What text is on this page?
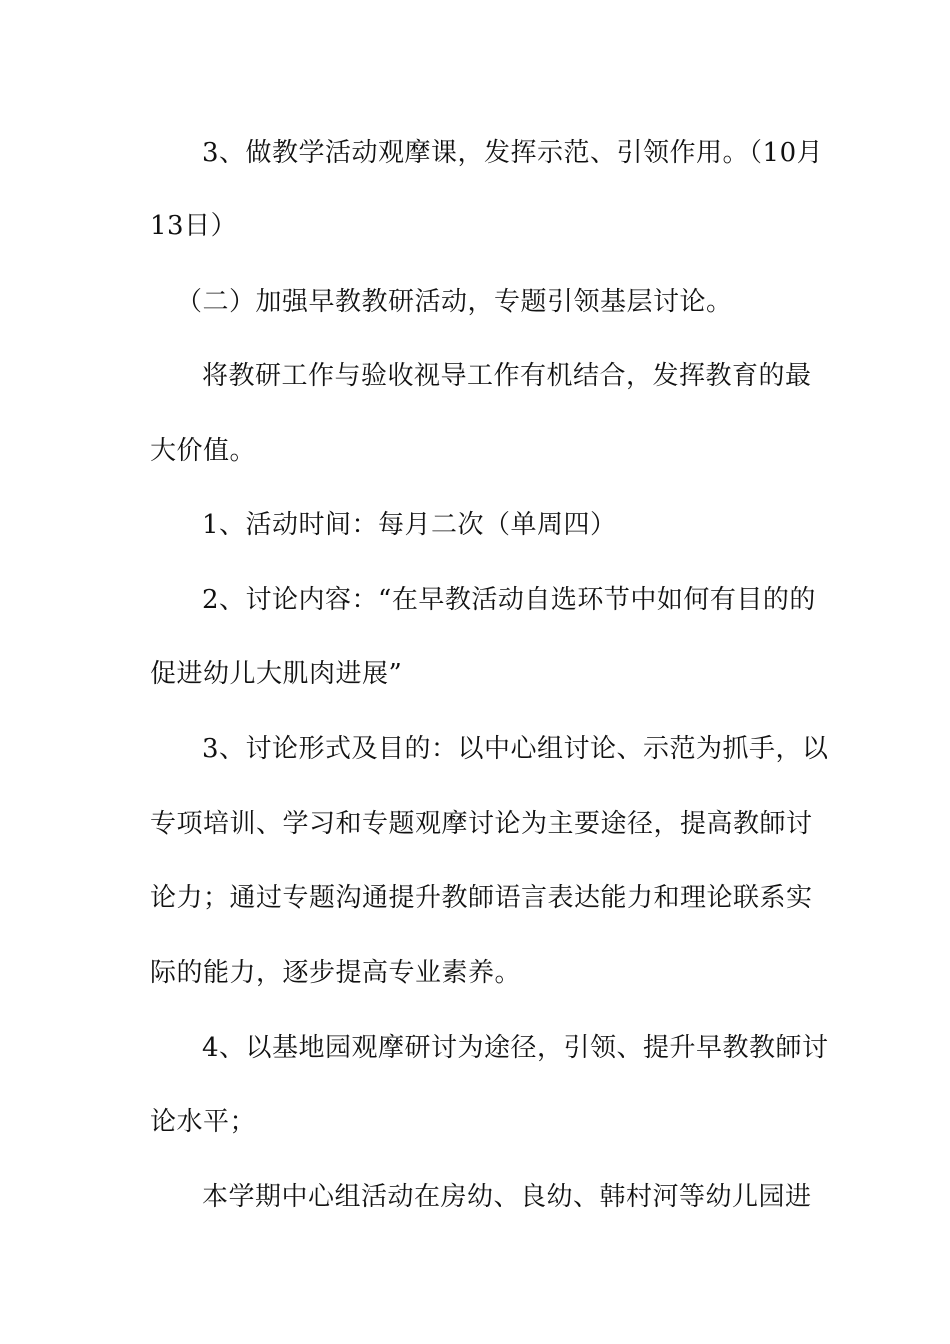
3、做教学活动观摩课，发挥示范、引领作用。（10月
13日）
（二）加强早教教研活动，专题引领基层讨论。
将教研工作与验收视导工作有机结合，发挥教育的最
大价值。
1、活动时间：每月二次（单周四）
2、讨论内容：“在早教活动自选环节中如何有目的的
促进幼儿大肌肉进展”
3、讨论形式及目的：以中心组讨论、示范为抓手，以
专项培训、学习和专题观摩讨论为主要途径，提高教師讨
论力；通过专题沟通提升教師语言表达能力和理论联系实
际的能力，逐步提高专业素养。
4、以基地园观摩研讨为途径，引领、提升早教教師讨
论水平；
本学期中心组活动在房幼、良幼、韩村河等幼儿园进
